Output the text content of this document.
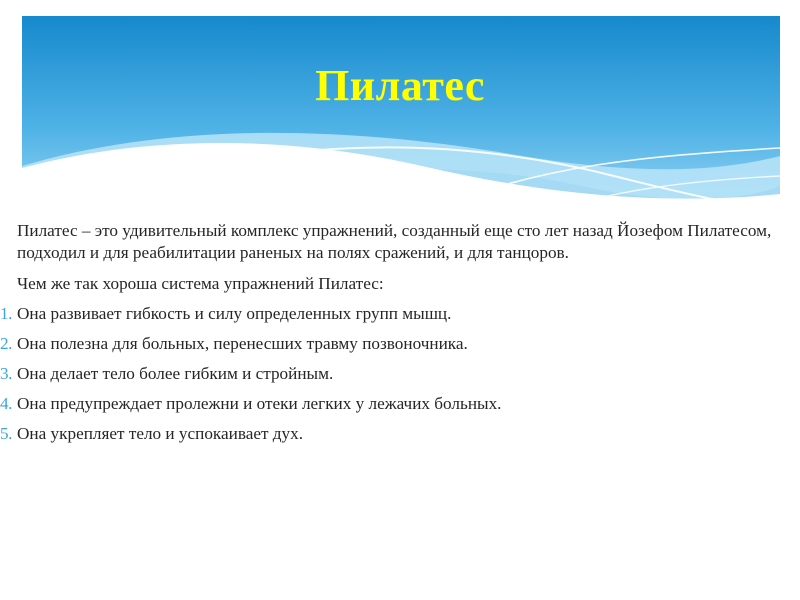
Пилатес

Пилатес – это удивительный комплекс упражнений, созданный еще сто лет назад Йозефом Пилатесом, подходил и для реабилитации раненых на полях сражений, и для танцоров.

Чем же так хороша система упражнений Пилатес:

1. Она развивает гибкость и силу определенных групп мышц.
2. Она полезна для больных, перенесших травму позвоночника.
3. Она делает тело более гибким и стройным.
4. Она предупреждает пролежни и отеки легких у лежачих больных.
5. Она укрепляет тело и успокаивает дух.
